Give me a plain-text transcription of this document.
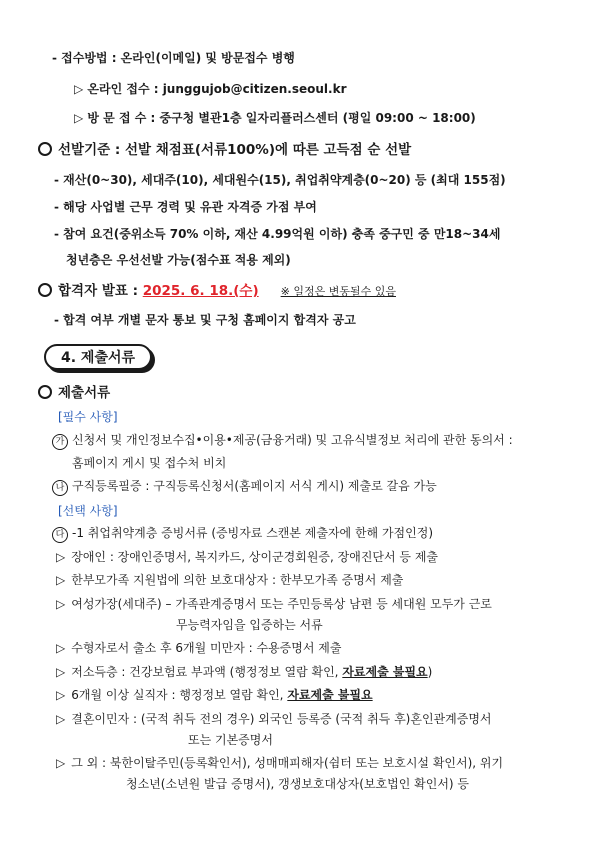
- 접수방법 : 온라인(이메일) 및 방문접수 병행
▷ 온라인 접수 : junggujob@citizen.seoul.kr
▷ 방 문 접 수 : 중구청 별관1층 일자리플러스센터 (평일 09:00 ~ 18:00)
선발기준 : 선발 채점표(서류100%)에 따른 고득점 순 선발
- 재산(0~30), 세대주(10), 세대원수(15), 취업취약계층(0~20) 등 (최대 155점)
- 해당 사업별 근무 경력 및 유관 자격증 가점 부여
- 참여 요건(중위소득 70% 이하, 재산 4.99억원 이하) 충족 중구민 중 만18~34세
청년층은 우선선발 가능(점수표 적용 제외)
합격자 발표 : 2025. 6. 18.(수) ※ 일정은 변동될수 있음
- 합격 여부 개별 문자 통보 및 구청 홈페이지 합격자 공고
4. 제출서류
제출서류
[필수 사항]
가 신청서 및 개인정보수집•이용•제공(금융거래) 및 고유식별정보 처리에 관한 동의서 :
홈페이지 게시 및 접수처 비치
나 구직등록필증 : 구직등록신청서(홈페이지 서식 게시) 제출로 갈음 가능
[선택 사항]
다 -1 취업취약계층 증빙서류 (증빙자료 스캔본 제출자에 한해 가점인정)
▷ 장애인 : 장애인증명서, 복지카드, 상이군경회원증, 장애진단서 등 제출
▷ 한부모가족 지원법에 의한 보호대상자 : 한부모가족 증명서 제출
▷ 여성가장(세대주) – 가족관계증명서 또는 주민등록상 남편 등 세대원 모두가 근로
무능력자임을 입증하는 서류
▷ 수형자로서 출소 후 6개월 미만자 : 수용증명서 제출
▷ 저소득층 : 건강보험료 부과액 (행정정보 열람 확인, 자료제출 불필요)
▷ 6개월 이상 실직자 : 행정정보 열람 확인, 자료제출 불필요
▷ 결혼이민자 : (국적 취득 전의 경우) 외국인 등록증 (국적 취득 후)혼인관계증명서
또는 기본증명서
▷ 그 외 : 북한이탈주민(등록확인서), 성매매피해자(쉼터 또는 보호시설 확인서), 위기
청소년(소년원 발급 증명서), 갱생보호대상자(보호법인 확인서) 등
